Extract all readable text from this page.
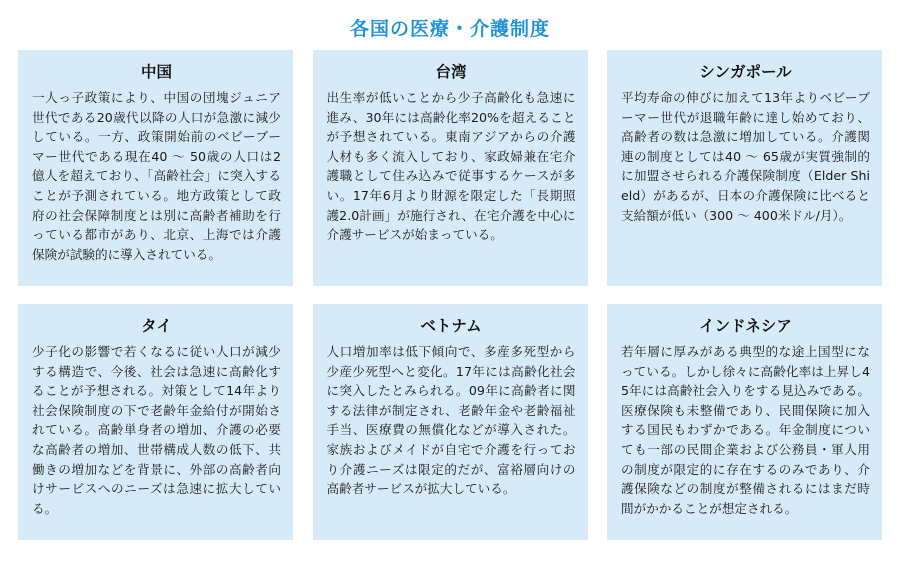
各国の医療・介護制度
中国

一人っ子政策により、中国の団塊ジュニア世代である20歳代以降の人口が急激に減少している。一方、政策開始前のベビーブーマー世代である現在40 ～ 50歳の人口は2億人を超えており、「高齢社会」に突入することが予測されている。地方政策として政府の社会保障制度とは別に高齢者補助を行っている都市があり、北京、上海では介護保険が試験的に導入されている。

台湾

出生率が低いことから少子高齢化も急速に進み、30年には高齢化率20%を超えることが予想されている。東南アジアからの介護人材も多く流入しており、家政婦兼在宅介護職として住み込みで従事するケースが多い。17年6月より財源を限定した「長期照護2.0計画」が施行され、在宅介護を中心に介護サービスが始まっている。

シンガポール

平均寿命の伸びに加えて13年よりベビーブーマー世代が退職年齢に達し始めており、高齢者の数は急激に増加している。介護関連の制度としては40 ～ 65歳が実質強制的に加盟させられる介護保険制度（Elder Shield）があるが、日本の介護保険に比べると支給額が低い（300 ～ 400米ドル/月）。

タイ

少子化の影響で若くなるに従い人口が減少する構造で、今後、社会は急速に高齢化することが予想される。対策として14年より社会保険制度の下で老齢年金給付が開始されている。高齢単身者の増加、介護の必要な高齢者の増加、世帯構成人数の低下、共働きの増加などを背景に、外部の高齢者向けサービスへのニーズは急速に拡大している。

ベトナム

人口増加率は低下傾向で、多産多死型から少産少死型へと変化。17年には高齢化社会に突入したとみられる。09年に高齢者に関する法律が制定され、老齢年金や老齢福祉手当、医療費の無償化などが導入された。家族およびメイドが自宅で介護を行っており介護ニーズは限定的だが、富裕層向けの高齢者サービスが拡大している。

インドネシア

若年層に厚みがある典型的な途上国型になっている。しかし徐々に高齢化率は上昇し45年には高齢社会入りをする見込みである。医療保険も未整備であり、民間保険に加入する国民もわずかである。年金制度についても一部の民間企業および公務員・軍人用の制度が限定的に存在するのみであり、介護保険などの制度が整備されるにはまだ時間がかかることが想定される。
